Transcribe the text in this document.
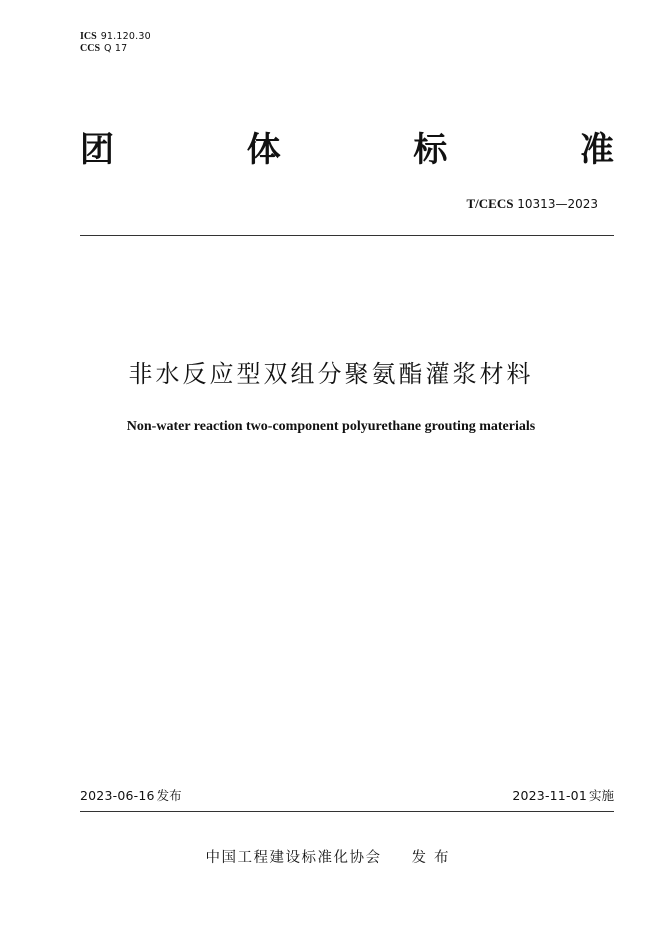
ICS 91.120.30
CCS Q 17
团	体	标	准
T/CECS 10313—2023
非水反应型双组分聚氨酯灌浆材料
Non-water reaction two-component polyurethane grouting materials
2023-06-16 发布	2023-11-01 实施
中国工程建设标准化协会 发布
